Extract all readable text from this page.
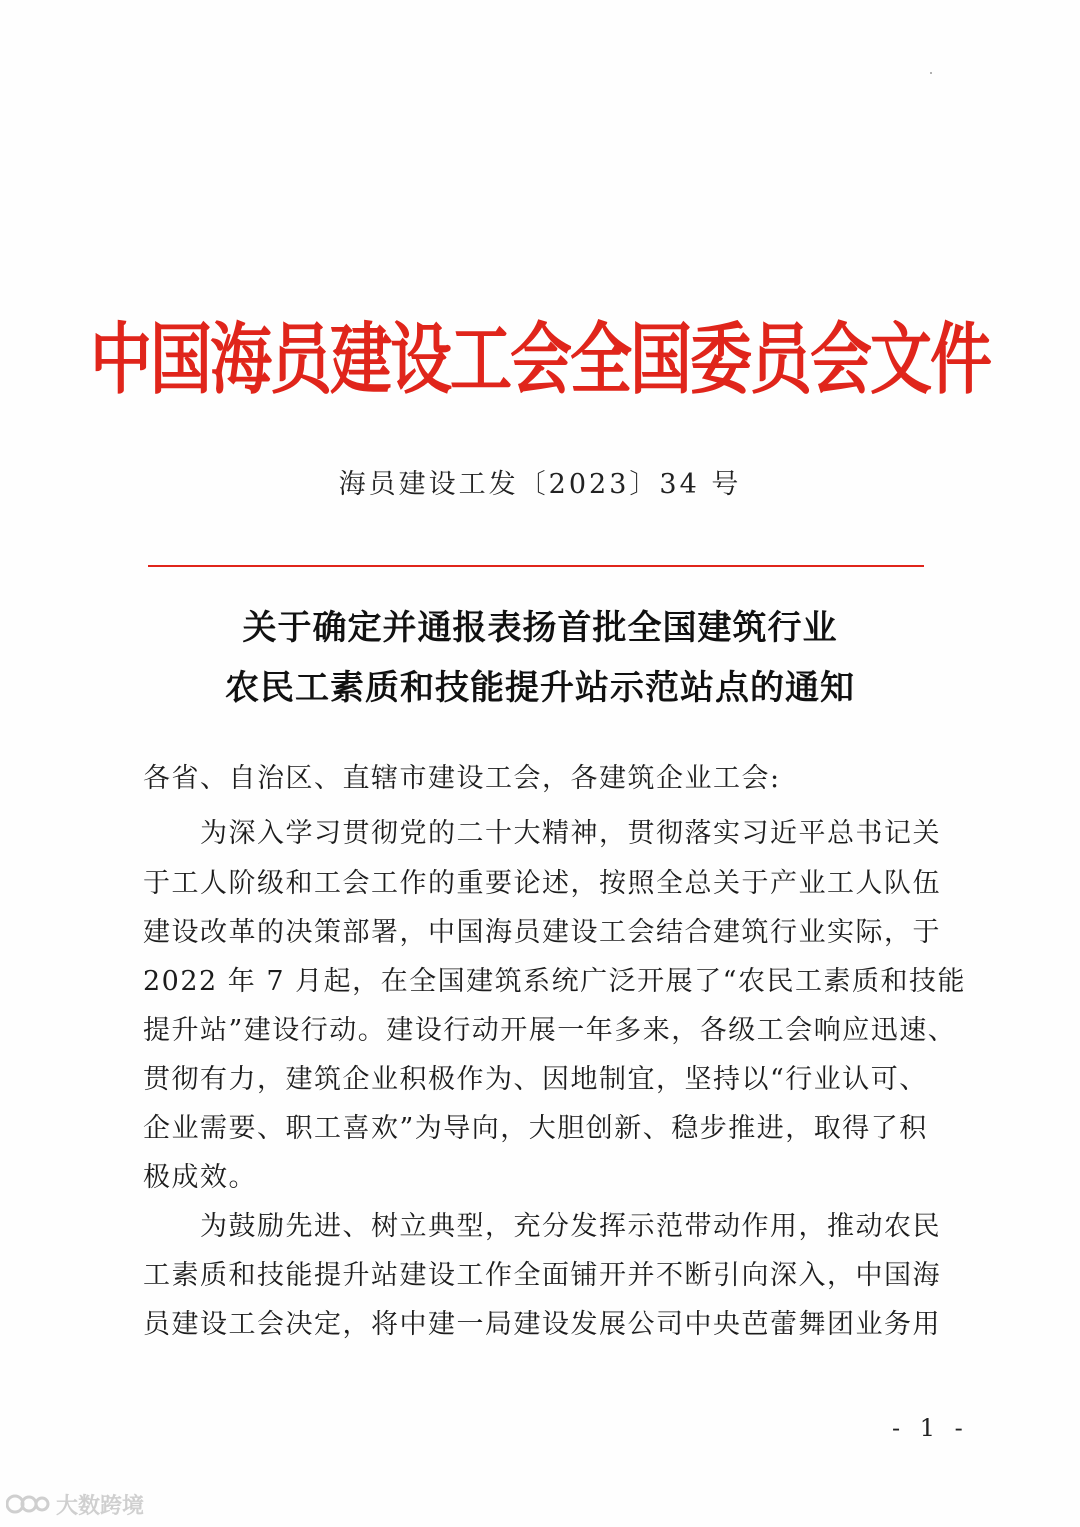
中国海员建设工会全国委员会文件
海员建设工发〔2023〕34 号
关于确定并通报表扬首批全国建筑行业
农民工素质和技能提升站示范站点的通知
各省、自治区、直辖市建设工会，各建筑企业工会:
　　为深入学习贯彻党的二十大精神，贯彻落实习近平总书记关
于工人阶级和工会工作的重要论述，按照全总关于产业工人队伍
建设改革的决策部署，中国海员建设工会结合建筑行业实际，于
2022 年 7 月起，在全国建筑系统广泛开展了“农民工素质和技能
提升站”建设行动。建设行动开展一年多来，各级工会响应迅速、
贯彻有力，建筑企业积极作为、因地制宜，坚持以“行业认可、
企业需要、职工喜欢”为导向，大胆创新、稳步推进，取得了积
极成效。
　　为鼓励先进、树立典型，充分发挥示范带动作用，推动农民
工素质和技能提升站建设工作全面铺开并不断引向深入，中国海
员建设工会决定，将中建一局建设发展公司中央芭蕾舞团业务用
- 1 -
大数跨境
